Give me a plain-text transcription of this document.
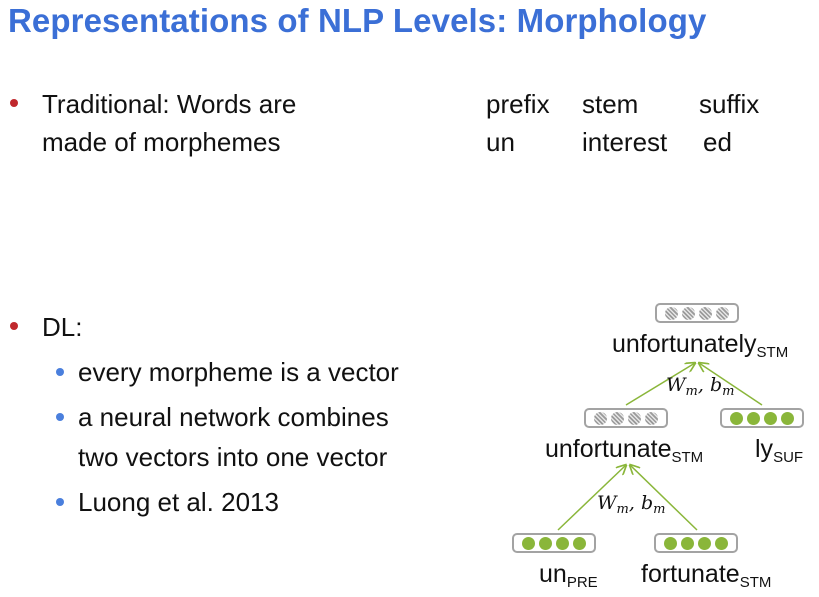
Representations of NLP Levels: Morphology

Traditional: Words are

made of morphemes

prefix stem suffix
un	interest ed

DL:

every morpheme is a vector

a neural network combines

two vectors into one vector

Luong et al. 2013

unfortunately$_{STM}$
$W_m$, $b_m$
unfortunate$_{STM}$ $ly_{SUF}$
$W_m$, $b_m$
$un_{PRE}$ fortunate$_{STM}$
